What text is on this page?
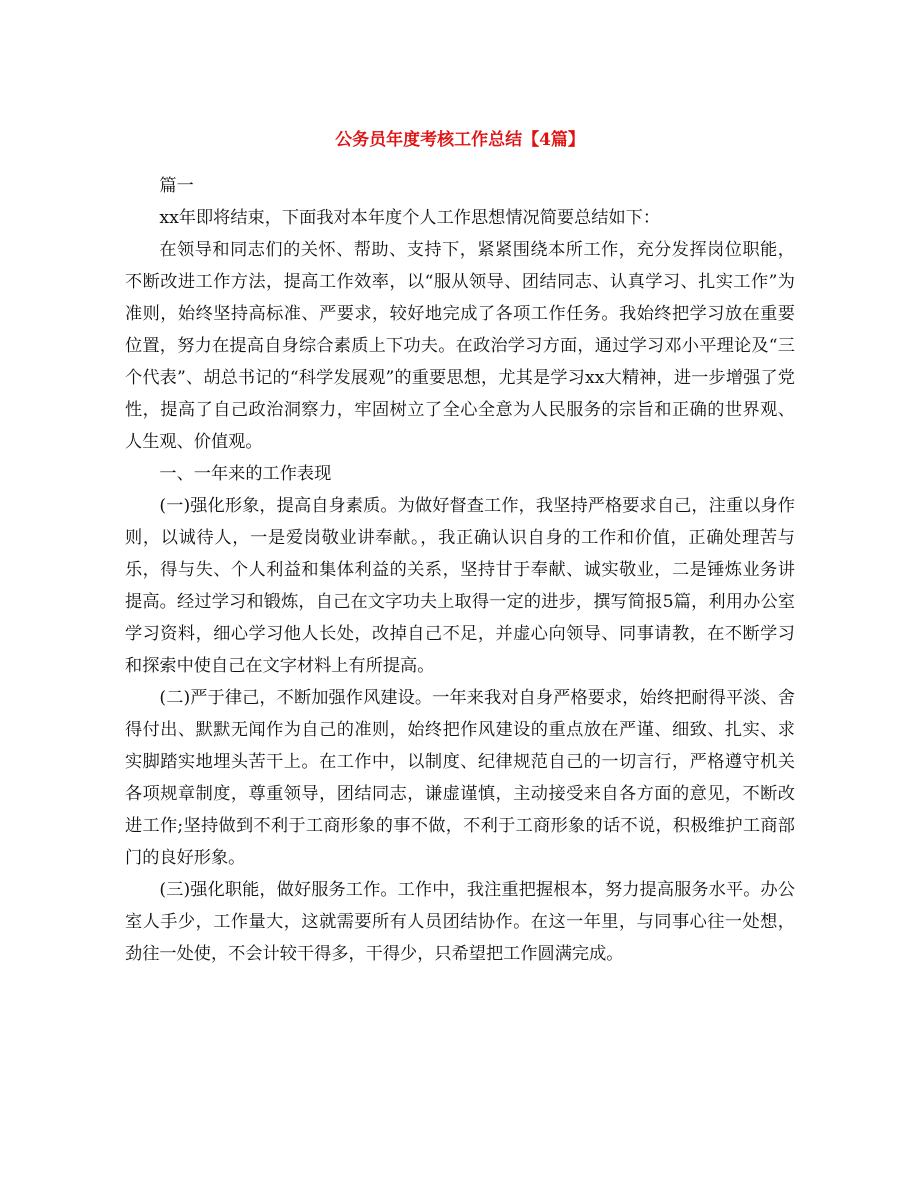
公务员年度考核工作总结【4篇】

篇一

xx年即将结束，下面我对本年度个人工作思想情况简要总结如下：

在领导和同志们的关怀、帮助、支持下，紧紧围绕本所工作，充分发挥岗位职能，不断改进工作方法，提高工作效率，以“服从领导、团结同志、认真学习、扎实工作”为准则，始终坚持高标准、严要求，较好地完成了各项工作任务。我始终把学习放在重要位置，努力在提高自身综合素质上下功夫。在政治学习方面，通过学习邓小平理论及“三个代表”、胡总书记的“科学发展观”的重要思想，尤其是学习xx大精神，进一步增强了党性，提高了自己政治洞察力，牢固树立了全心全意为人民服务的宗旨和正确的世界观、人生观、价值观。

一、一年来的工作表现

(一)强化形象，提高自身素质。为做好督查工作，我坚持严格要求自己，注重以身作则，以诚待人，一是爱岗敬业讲奉献。，我正确认识自身的工作和价值，正确处理苦与乐，得与失、个人利益和集体利益的关系，坚持甘于奉献、诚实敬业，二是锤炼业务讲提高。经过学习和锻炼，自己在文字功夫上取得一定的进步，撰写简报5篇，利用办公室学习资料，细心学习他人长处，改掉自己不足，并虚心向领导、同事请教，在不断学习和探索中使自己在文字材料上有所提高。

(二)严于律己，不断加强作风建设。一年来我对自身严格要求，始终把耐得平淡、舍得付出、默默无闻作为自己的准则，始终把作风建设的重点放在严谨、细致、扎实、求实脚踏实地埋头苦干上。在工作中，以制度、纪律规范自己的一切言行，严格遵守机关各项规章制度，尊重领导，团结同志，谦虚谨慎，主动接受来自各方面的意见，不断改进工作;坚持做到不利于工商形象的事不做，不利于工商形象的话不说，积极维护工商部门的良好形象。

(三)强化职能，做好服务工作。工作中，我注重把握根本，努力提高服务水平。办公室人手少，工作量大，这就需要所有人员团结协作。在这一年里，与同事心往一处想，劲往一处使，不会计较干得多，干得少，只希望把工作圆满完成。
